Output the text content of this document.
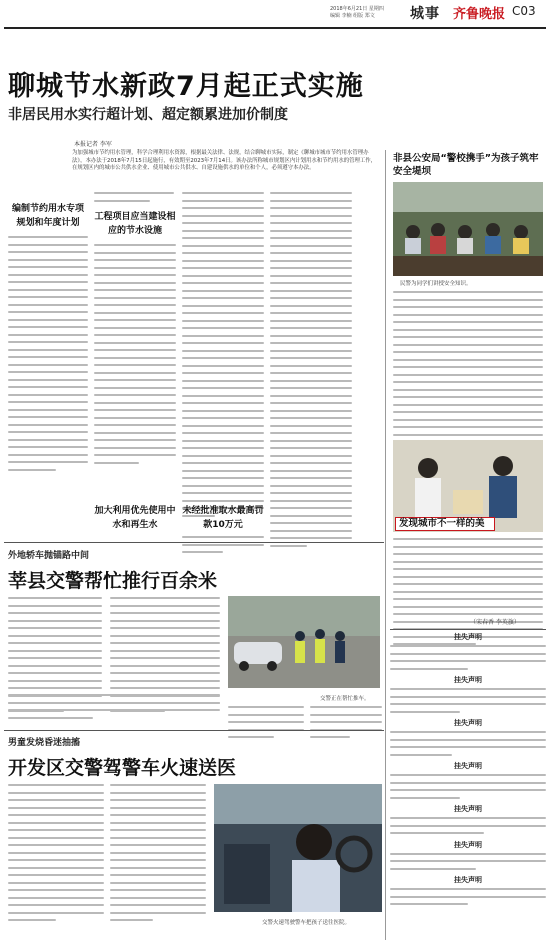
2018年6月21日 星期四
编辑 李楠 组版 郑文	城事 齐鲁晚报 C03
聊城节水新政7月起正式实施
非居民用水实行超计划、超定额累进加价制度
本报记者 李军
为加强城市节约用水管理，科学合理利用水资源，根据最关法律、法规，结合聊城市实际，制定《聊城市城市节约用水管理办法》，本办法于2018年7月15日起施行，有效期至2023年7月14日。该办法所称城市规划区内计划用水和节约用水的管理工作，在规划区内的城市公共供水企业、使用城市公共供水、自建设施供水的单位和个人，必须遵守本办法。
编制节约用水专项规划和年度计划
工程项目应当建设相应的节水设施
加大利用优先使用中水和再生水
未经批准取水最高罚款10万元
非县公安局“警校携手”为孩子筑牢安全堤坝
民警为同学们讲授安全知识。
发现城市不一样的美
（宋春香 李英旗）
挂失声明
挂失声明
挂失声明
挂失声明
挂失声明
挂失声明
挂失声明
外地轿车抛锚路中间
莘县交警帮忙推行百余米
交警正在帮忙推车。
男童发烧昏迷抽搐
开发区交警驾警车火速送医
交警火速驾驶警车把孩子送往医院。
